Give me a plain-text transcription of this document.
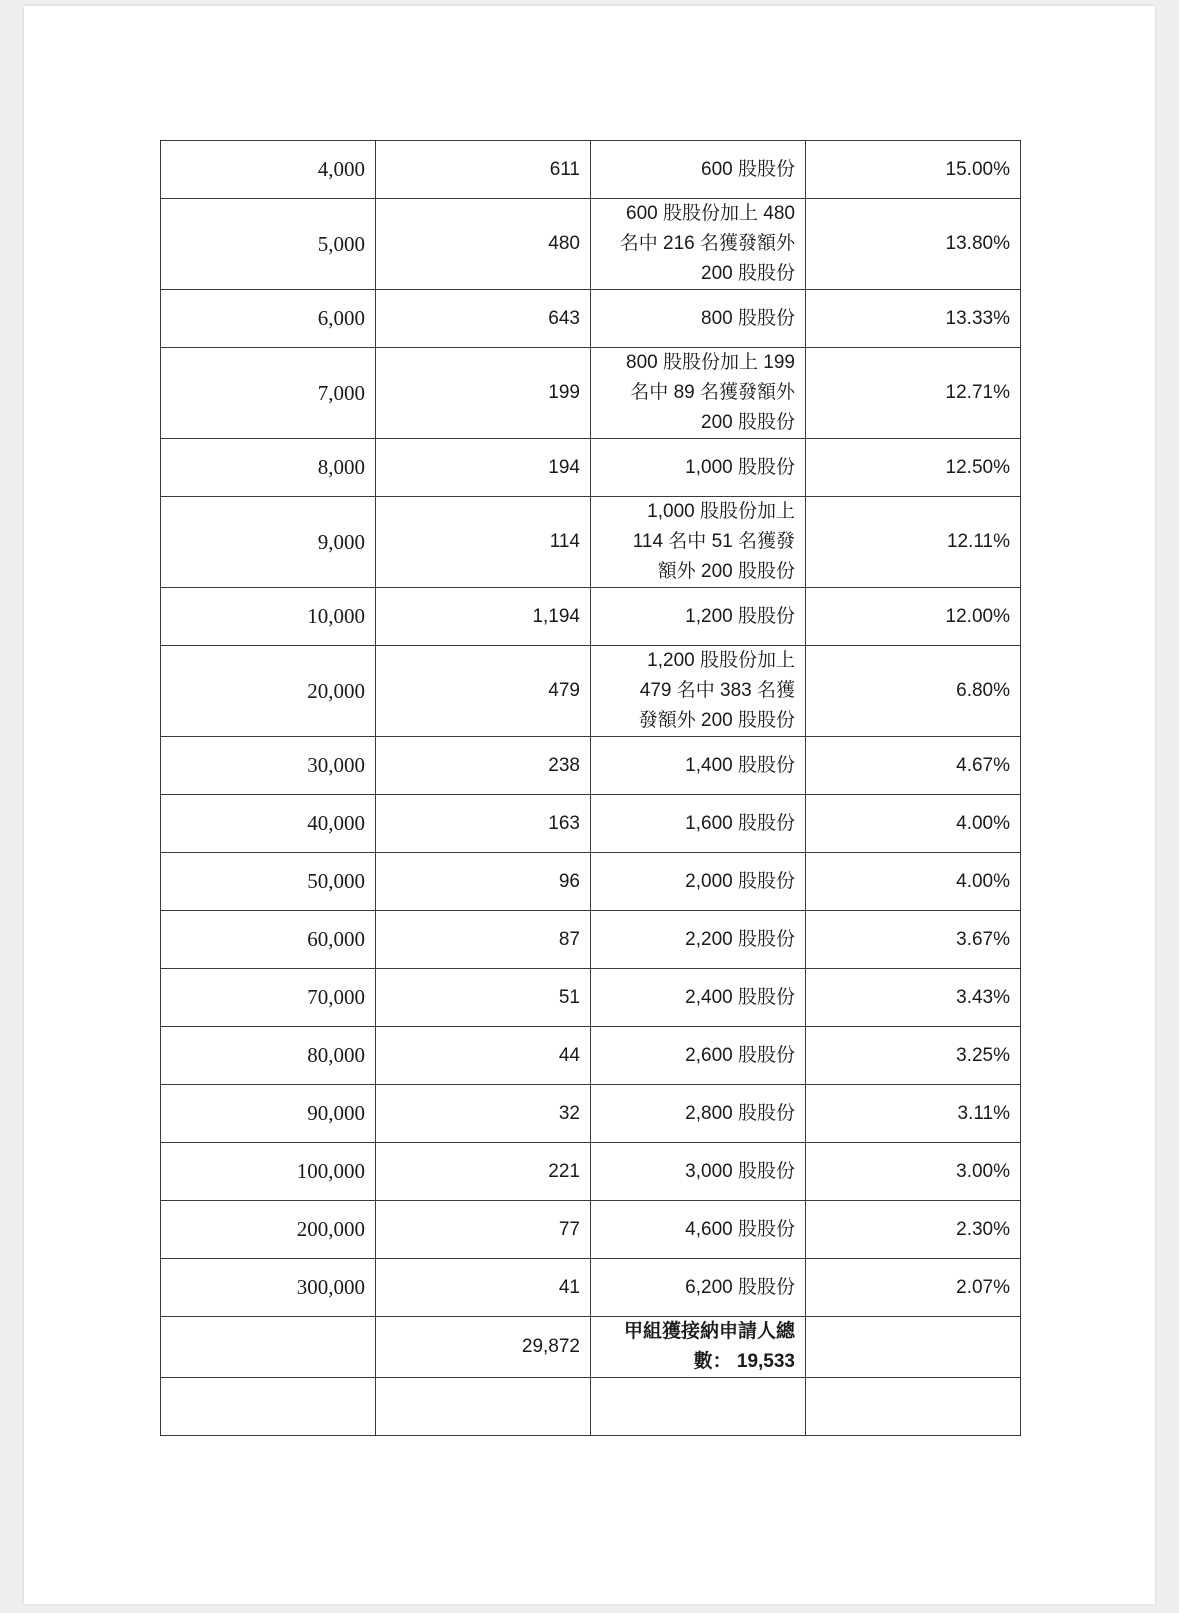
4,000	611	600 股股份	15.00%
5,000	480	600 股股份加上 480
名中 216 名獲發額外
200 股股份	13.80%
6,000	643	800 股股份	13.33%
7,000	199	800 股股份加上 199
名中 89 名獲發額外
200 股股份	12.71%
8,000	194	1,000 股股份	12.50%
9,000	114	1,000 股股份加上
114 名中 51 名獲發
額外 200 股股份	12.11%
10,000	1,194	1,200 股股份	12.00%
20,000	479	1,200 股股份加上
479 名中 383 名獲
發額外 200 股股份	6.80%
30,000	238	1,400 股股份	4.67%
40,000	163	1,600 股股份	4.00%
50,000	96	2,000 股股份	4.00%
60,000	87	2,200 股股份	3.67%
70,000	51	2,400 股股份	3.43%
80,000	44	2,600 股股份	3.25%
90,000	32	2,800 股股份	3.11%
100,000	221	3,000 股股份	3.00%
200,000	77	4,600 股股份	2.30%
300,000	41	6,200 股股份	2.07%
	29,872	甲組獲接納申請人總
數： 19,533	
